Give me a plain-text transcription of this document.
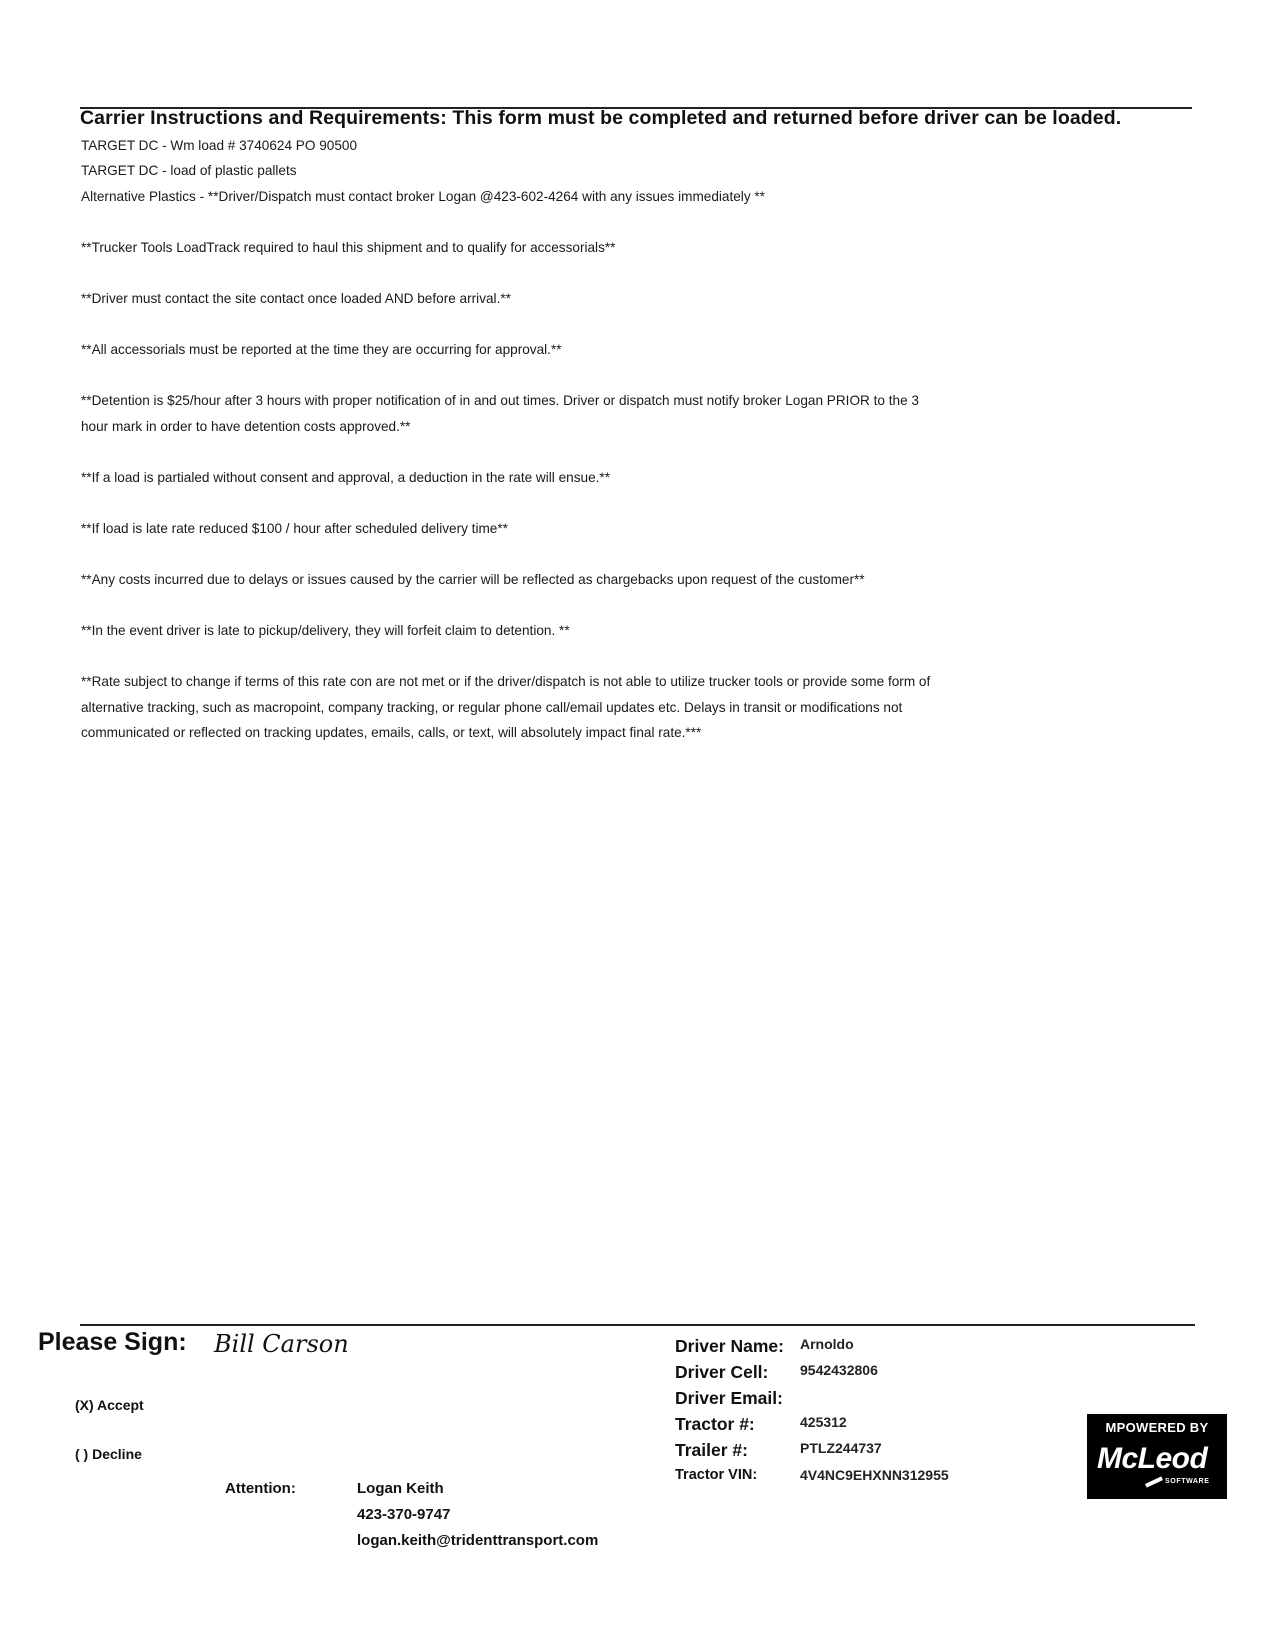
Carrier Instructions and Requirements: This form must be completed and returned before driver can be loaded.
TARGET DC - Wm load # 3740624 PO 90500
TARGET DC - load of plastic pallets
Alternative Plastics - **Driver/Dispatch must contact broker Logan @423-602-4264 with any issues immediately **
**Trucker Tools LoadTrack required to haul this shipment and to qualify for accessorials**
**Driver must contact the site contact once loaded AND before arrival.**
**All accessorials must be reported at the time they are occurring for approval.**
**Detention is $25/hour after 3 hours with proper notification of in and out times. Driver or dispatch must notify broker Logan PRIOR to the 3
hour mark in order to have detention costs approved.**
**If a load is partialed without consent and approval, a deduction in the rate will ensue.**
**If load is late rate reduced $100 / hour after scheduled delivery time**
**Any costs incurred due to delays or issues caused by the carrier will be reflected as chargebacks upon request of the customer**
**In the event driver is late to pickup/delivery, they will forfeit claim to detention. **
**Rate subject to change if terms of this rate con are not met or if the driver/dispatch is not able to utilize trucker tools or provide some form of
alternative tracking, such as macropoint, company tracking, or regular phone call/email updates etc. Delays in transit or modifications not
communicated or reflected on tracking updates, emails, calls, or text, will absolutely impact final rate.***
Please Sign: Bill Carson
(X) Accept
( ) Decline
Attention:	Logan Keith
423-370-9747
logan.keith@tridenttransport.com
Driver Name: Arnoldo
Driver Cell: 9542432806
Driver Email:
Tractor #:	425312
Trailer #:	PTLZ244737
Tractor VIN:	4V4NC9EHXNN312955
MPOWERED BY
McLeod
SOFTWARE
